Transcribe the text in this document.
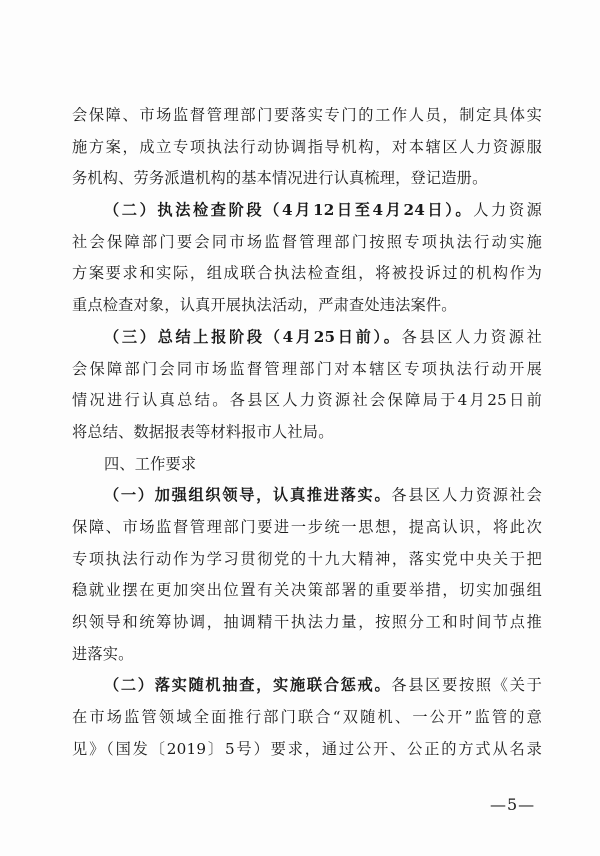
会保障、市场监督管理部门要落实专门的工作人员，制定具体实
施方案，成立专项执法行动协调指导机构，对本辖区人力资源服
务机构、劳务派遣机构的基本情况进行认真梳理，登记造册。
（二）执法检查阶段（4月12日至4月24日）。人力资源
社会保障部门要会同市场监督管理部门按照专项执法行动实施
方案要求和实际，组成联合执法检查组，将被投诉过的机构作为
重点检查对象，认真开展执法活动，严肃查处违法案件。
（三）总结上报阶段（4月25日前）。各县区人力资源社
会保障部门会同市场监督管理部门对本辖区专项执法行动开展
情况进行认真总结。各县区人力资源社会保障局于4月25日前
将总结、数据报表等材料报市人社局。
四、工作要求
（一）加强组织领导，认真推进落实。各县区人力资源社会
保障、市场监督管理部门要进一步统一思想，提高认识，将此次
专项执法行动作为学习贯彻党的十九大精神，落实党中央关于把
稳就业摆在更加突出位置有关决策部署的重要举措，切实加强组
织领导和统筹协调，抽调精干执法力量，按照分工和时间节点推
进落实。
（二）落实随机抽查，实施联合惩戒。各县区要按照《关于
在市场监管领域全面推行部门联合“双随机、一公开”监管的意
见》（国发〔2019〕5号）要求，通过公开、公正的方式从名录
—5—
